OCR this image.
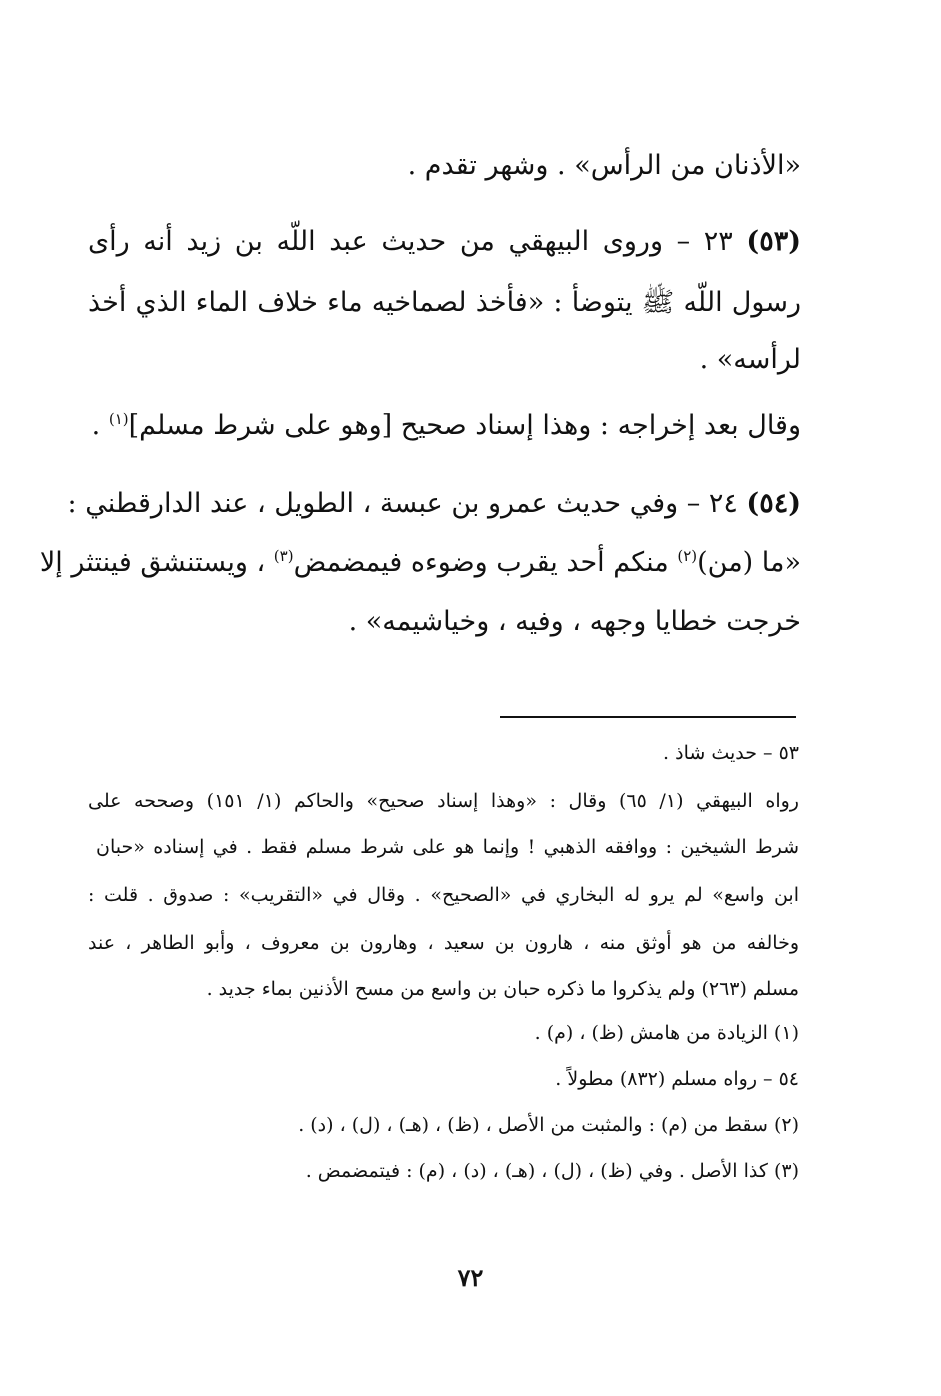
«الأذنان من الرأس» . وشهر تقدم .
(٥٣) ٢٣ – وروى البيهقي من حديث عبد اللّه بن زيد أنه رأى
رسول اللّه ﷺ يتوضأ : «فأخذ لصماخيه ماء خلاف الماء الذي أخذ
لرأسه» .
وقال بعد إخراجه : وهذا إسناد صحيح [وهو على شرط مسلم]$^{(١)}$ .
(٥٤) ٢٤ – وفي حديث عمرو بن عبسة ، الطويل ، عند الدارقطني :
«ما (من)$^{(٢)}$ منكم أحد يقرب وضوءه فيمضمض$^{(٣)}$ ، ويستنشق فينتثر إلا
خرجت خطايا وجهه ، وفيه ، وخياشيمه» .
٥٣ – حديث شاذ .
رواه البيهقي (١/ ٦٥) وقال : «وهذا إسناد صحيح» والحاكم (١/ ١٥١) وصححه على
شرط الشيخين : ووافقه الذهبي ! وإنما هو على شرط مسلم فقط . في إسناده «حبان
ابن واسع» لم يرو له البخاري في «الصحيح» . وقال في «التقريب» : صدوق . قلت :
وخالفه من هو أوثق منه ، هارون بن سعيد ، وهارون بن معروف ، وأبو الطاهر ، عند
مسلم (٢٦٣) ولم يذكروا ما ذكره حبان بن واسع من مسح الأذنين بماء جديد .
(١) الزيادة من هامش (ظ) ، (م) .
٥٤ – رواه مسلم (٨٣٢) مطولاً .
(٢) سقط من (م) : والمثبت من الأصل ، (ظ) ، (هـ) ، (ل) ، (د) .
(٣) كذا الأصل . وفي (ظ) ، (ل) ، (هـ) ، (د) ، (م) : فيتمضمض .
٧٢
